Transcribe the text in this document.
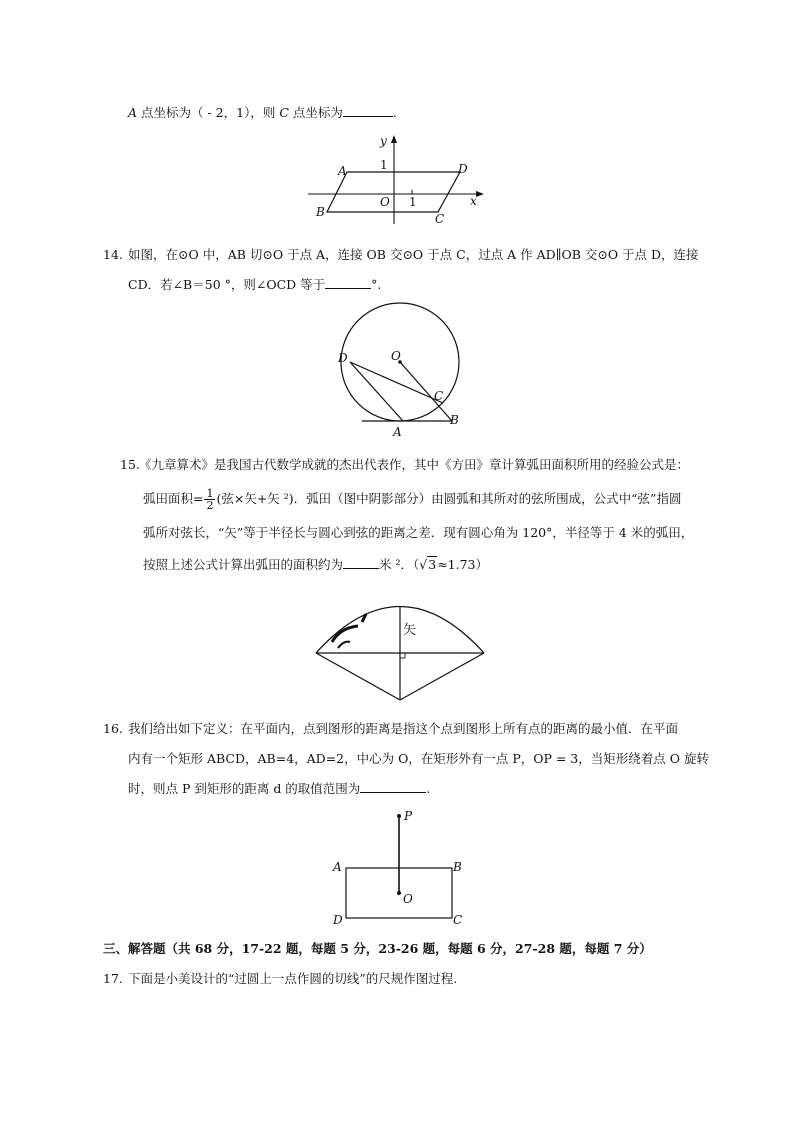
A 点坐标为（ - 2，1），则 C 点坐标为	.
y
x
A	D
B	C
O
1
1
14. 如图，在⊙O 中，AB 切⊙O 于点 A，连接 OB 交⊙O 于点 C，过点 A 作 AD∥OB 交⊙O 于点 D，连接
CD．若∠B＝50 °，则∠OCD 等于	°.
D	O
C
A
B
15. 《九章算术》是我国古代数学成就的杰出代表作，其中《方田》章计算弧田面积所用的经验公式是：
弧田面积= $\frac{1}{2}$ (弦×矢+矢 ²)．弧田（图中阴影部分）由圆弧和其所对的弦所围成，公式中“弦”指圆
弧所对弦长，“矢”等于半径长与圆心到弦的距离之差．现有圆心角为 120°，半径等于 4 米的弧田，
按照上述公式计算出弧田的面积约为	米 ²．（√3≈1.73）
矢
16. 我们给出如下定义：在平面内，点到图形的距离是指这个点到图形上所有点的距离的最小值．在平面
内有一个矩形 ABCD，AB=4，AD=2，中心为 O，在矩形外有一点 P，OP = 3，当矩形绕着点 O 旋转
时，则点 P 到矩形的距离 d 的取值范围为	.
P
A	B
O
D	C
三、解答题（共 68 分，17-22 题，每题 5 分，23-26 题，每题 6 分，27-28 题，每题 7 分）
17. 下面是小美设计的“过圆上一点作圆的切线”的尺规作图过程.
